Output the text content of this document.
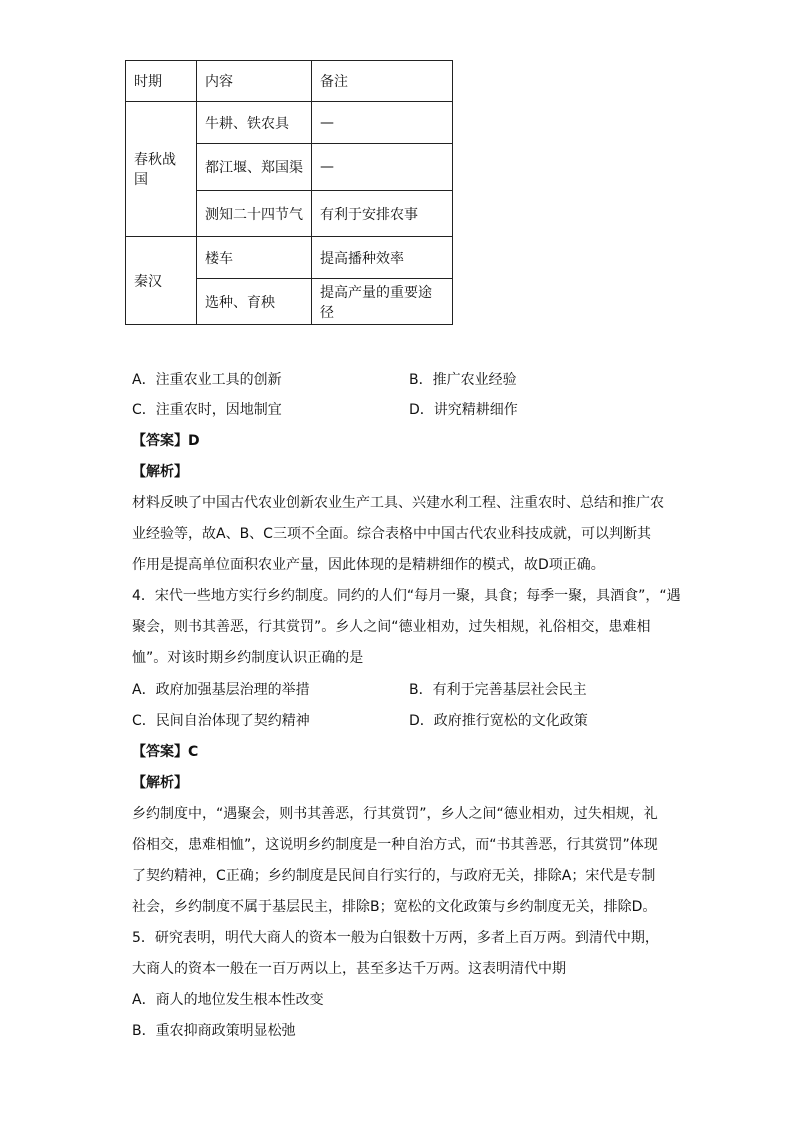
时期	内容	备注
春秋战国	牛耕、铁农具	—
	都江堰、郑国渠	—
	测知二十四节气	有利于安排农事
秦汉	楼车	提高播种效率
	选种、育秧	提高产量的重要途径
A．注重农业工具的创新	B．推广农业经验
C．注重农时，因地制宜	D．讲究精耕细作
【答案】D
【解析】
材料反映了中国古代农业创新农业生产工具、兴建水利工程、注重农时、总结和推广农
业经验等，故A、B、C三项不全面。综合表格中中国古代农业科技成就，可以判断其
作用是提高单位面积农业产量，因此体现的是精耕细作的模式，故D项正确。
4．宋代一些地方实行乡约制度。同约的人们“每月一聚，具食；每季一聚，具酒食”，“遇
聚会，则书其善恶，行其赏罚”。乡人之间“德业相劝，过失相规，礼俗相交，患难相
恤”。对该时期乡约制度认识正确的是
A．政府加强基层治理的举措	B．有利于完善基层社会民主
C．民间自治体现了契约精神	D．政府推行宽松的文化政策
【答案】C
【解析】
乡约制度中，“遇聚会，则书其善恶，行其赏罚”，乡人之间“德业相劝，过失相规，礼
俗相交，患难相恤”，这说明乡约制度是一种自治方式，而“书其善恶，行其赏罚”体现
了契约精神，C正确；乡约制度是民间自行实行的，与政府无关，排除A；宋代是专制
社会，乡约制度不属于基层民主，排除B；宽松的文化政策与乡约制度无关，排除D。
5．研究表明，明代大商人的资本一般为白银数十万两，多者上百万两。到清代中期，
大商人的资本一般在一百万两以上，甚至多达千万两。这表明清代中期
A．商人的地位发生根本性改变
B．重农抑商政策明显松弛
